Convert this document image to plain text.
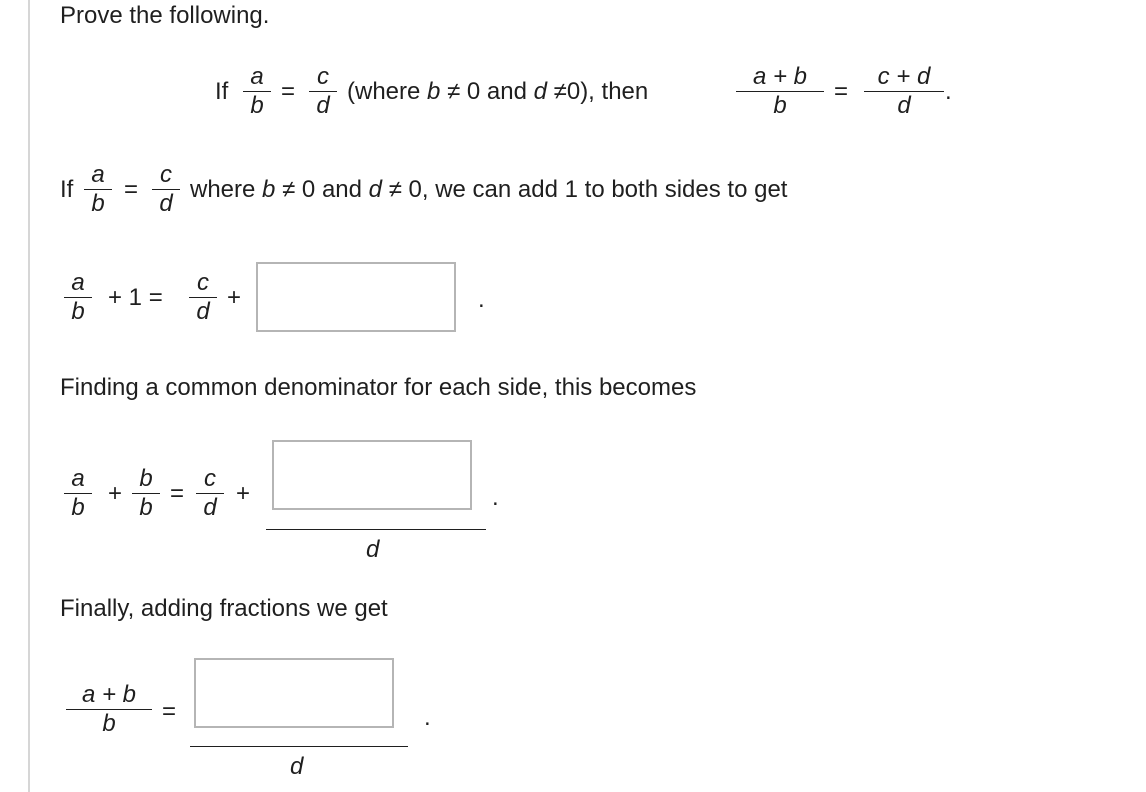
Prove the following.
If
a
b
=
c
d
(where b ≠ 0 and d ≠0), then
a + b
b
=
c + d
d
.
If
a
b
=
c
d
where b ≠ 0 and d ≠ 0, we can add 1 to both sides to get
a
b
+ 1 =
c
d
+	.
Finding a common denominator for each side, this becomes
a
b
+
b
b
=
c
d
+
d
.
Finally, adding fractions we get
a + b
b	=
d
.
